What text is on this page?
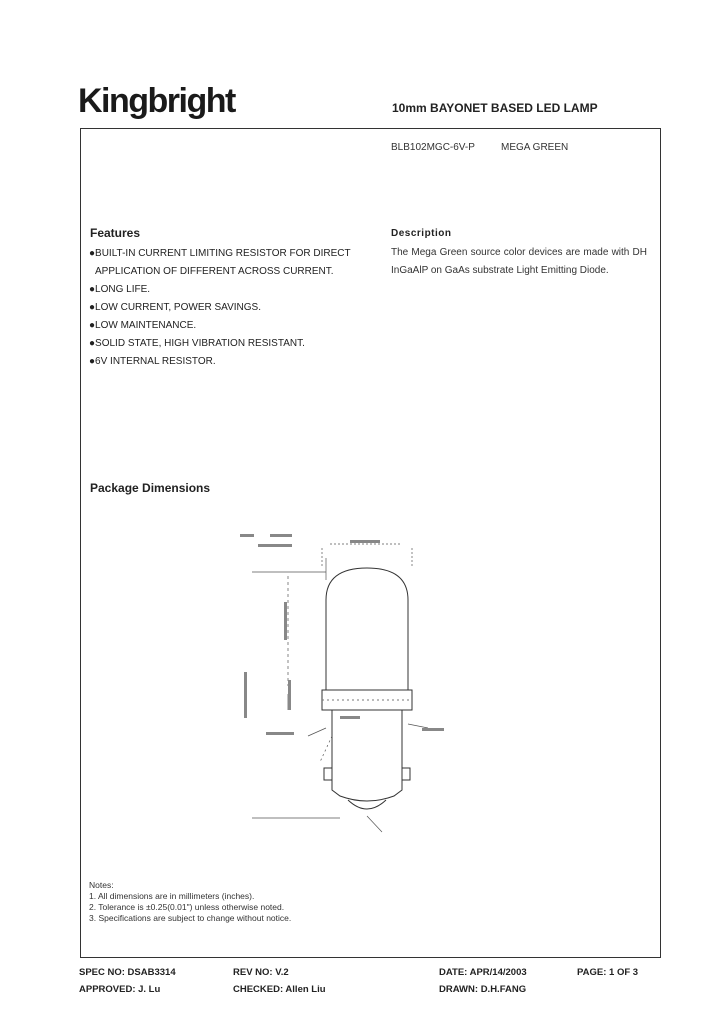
Kingbright	10mm BAYONET BASED LED LAMP
BLB102MGC-6V-P	MEGA GREEN
Features
●BUILT-IN CURRENT LIMITING RESISTOR FOR DIRECT
APPLICATION OF DIFFERENT ACROSS CURRENT.
●LONG LIFE.
●LOW CURRENT, POWER SAVINGS.
●LOW MAINTENANCE.
●SOLID STATE, HIGH VIBRATION RESISTANT.
●6V INTERNAL RESISTOR.
Description
The Mega Green source color devices are made with DH InGaAlP on GaAs substrate Light Emitting Diode.
Package Dimensions
Notes:
1. All dimensions are in millimeters (inches).
2. Tolerance is ±0.25(0.01") unless otherwise noted.
3. Specifications are subject to change without notice.
SPEC NO: DSAB3314	REV NO: V.2	DATE: APR/14/2003	PAGE: 1 OF 3
APPROVED: J. Lu	CHECKED: Allen Liu	DRAWN: D.H.FANG
